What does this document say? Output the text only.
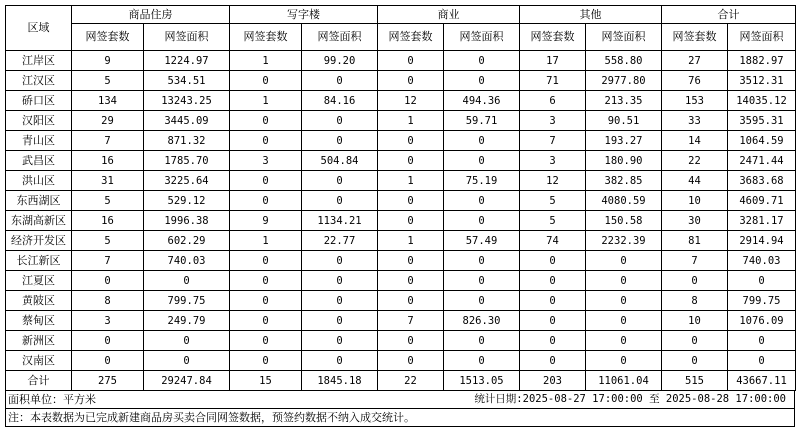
区域	商品住房		写字楼		商业		其他		合计	
	网签套数	网签面积	网签套数	网签面积	网签套数	网签面积	网签套数	网签面积	网签套数	网签面积
江岸区	9	1224.97	1	99.20	0	0	17	558.80	27	1882.97
江汉区	5	534.51	0	0	0	0	71	2977.80	76	3512.31
硚口区	134	13243.25	1	84.16	12	494.36	6	213.35	153	14035.12
汉阳区	29	3445.09	0	0	1	59.71	3	90.51	33	3595.31
青山区	7	871.32	0	0	0	0	7	193.27	14	1064.59
武昌区	16	1785.70	3	504.84	0	0	3	180.90	22	2471.44
洪山区	31	3225.64	0	0	1	75.19	12	382.85	44	3683.68
东西湖区	5	529.12	0	0	0	0	5	4080.59	10	4609.71
东湖高新区	16	1996.38	9	1134.21	0	0	5	150.58	30	3281.17
经济开发区	5	602.29	1	22.77	1	57.49	74	2232.39	81	2914.94
长江新区	7	740.03	0	0	0	0	0	0	7	740.03
江夏区	0	0	0	0	0	0	0	0	0	0
黄陂区	8	799.75	0	0	0	0	0	0	8	799.75
蔡甸区	3	249.79	0	0	7	826.30	0	0	10	1076.09
新洲区	0	0	0	0	0	0	0	0	0	0
汉南区	0	0	0	0	0	0	0	0	0	0
合计	275	29247.84	15	1845.18	22	1513.05	203	11061.04	515	43667.11
面积单位：平方米	统计日期:2025-08-27 17:00:00 至 2025-08-28 17:00:00
注：本表数据为已完成新建商品房买卖合同网签数据，预签约数据不纳入成交统计。
